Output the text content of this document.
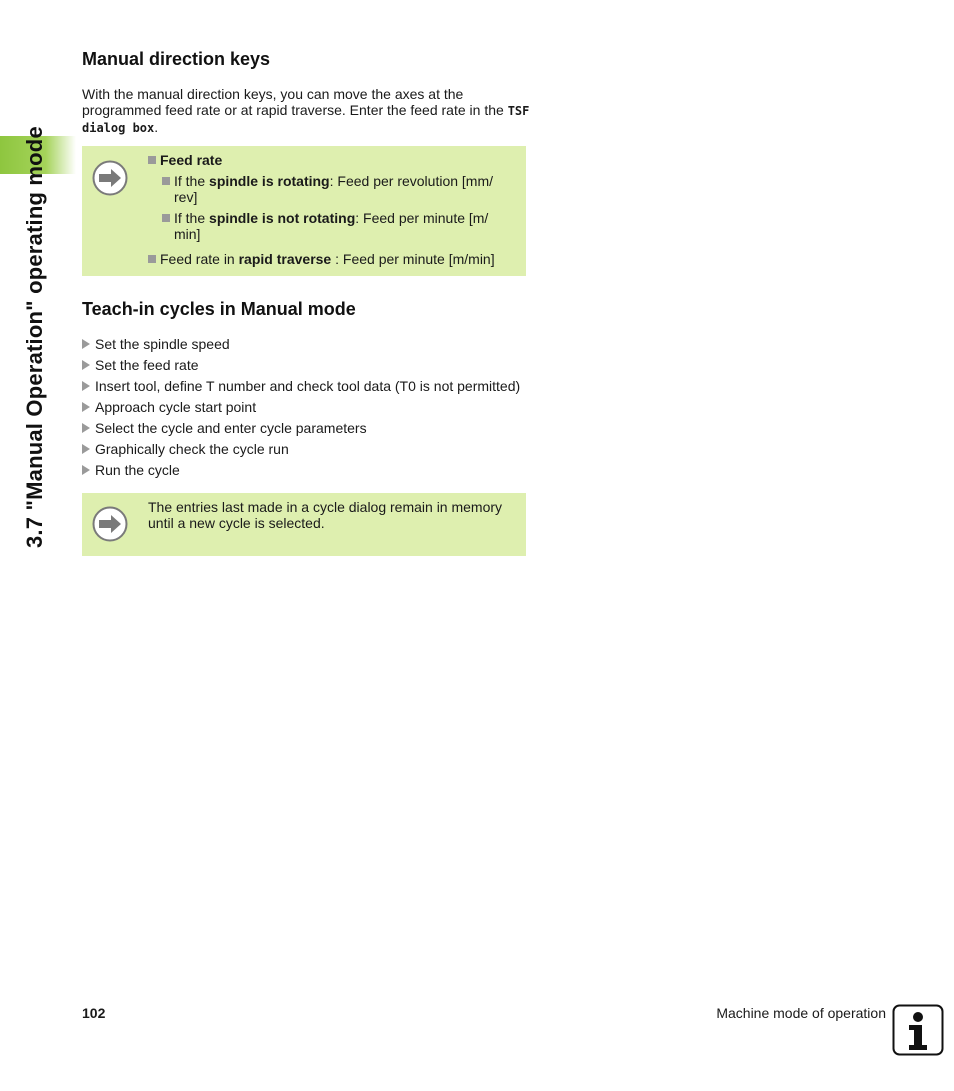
3.7 "Manual Operation" operating mode
Manual direction keys

With the manual direction keys, you can move the axes at the programmed feed rate or at rapid traverse. Enter the feed rate in the TSF dialog box.

Feed rate
If the spindle is rotating: Feed per revolution [mm/ rev]
If the spindle is not rotating: Feed per minute [m/ min]
Feed rate in rapid traverse : Feed per minute [m/min]
Teach-in cycles in Manual mode
Set the spindle speed
Set the feed rate
Insert tool, define T number and check tool data (T0 is not permitted)
Approach cycle start point
Select the cycle and enter cycle parameters
Graphically check the cycle run
Run the cycle
The entries last made in a cycle dialog remain in memory until a new cycle is selected.
102	Machine mode of operation
